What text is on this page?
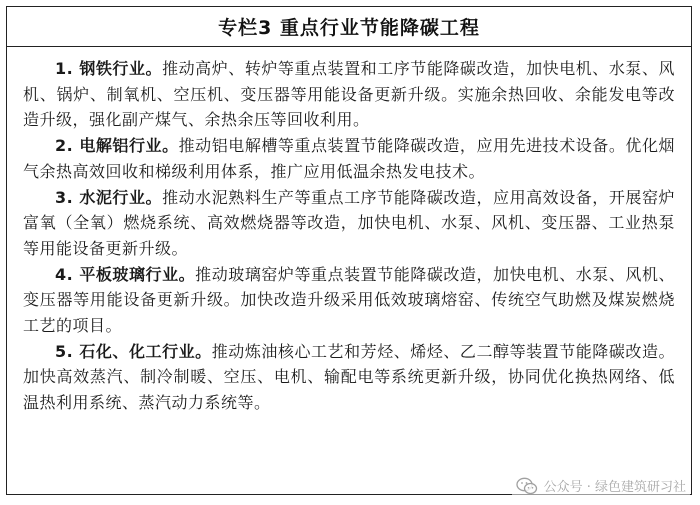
专栏3 重点行业节能降碳工程

1. 钢铁行业。推动高炉、转炉等重点装置和工序节能降碳改造，加快电机、水泵、风机、锅炉、制氧机、空压机、变压器等用能设备更新升级。实施余热回收、余能发电等改造升级，强化副产煤气、余热余压等回收利用。

2. 电解铝行业。推动铝电解槽等重点装置节能降碳改造，应用先进技术设备。优化烟气余热高效回收和梯级利用体系，推广应用低温余热发电技术。

3. 水泥行业。推动水泥熟料生产等重点工序节能降碳改造，应用高效设备，开展窑炉富氧（全氧）燃烧系统、高效燃烧器等改造，加快电机、水泵、风机、变压器、工业热泵等用能设备更新升级。

4. 平板玻璃行业。推动玻璃窑炉等重点装置节能降碳改造，加快电机、水泵、风机、变压器等用能设备更新升级。加快改造升级采用低效玻璃熔窑、传统空气助燃及煤炭燃烧工艺的项目。

5. 石化、化工行业。推动炼油核心工艺和芳烃、烯烃、乙二醇等装置节能降碳改造。加快高效蒸汽、制冷制暖、空压、电机、输配电等系统更新升级，协同优化换热网络、低温热利用系统、蒸汽动力系统等。

公众号 · 绿色建筑研习社
